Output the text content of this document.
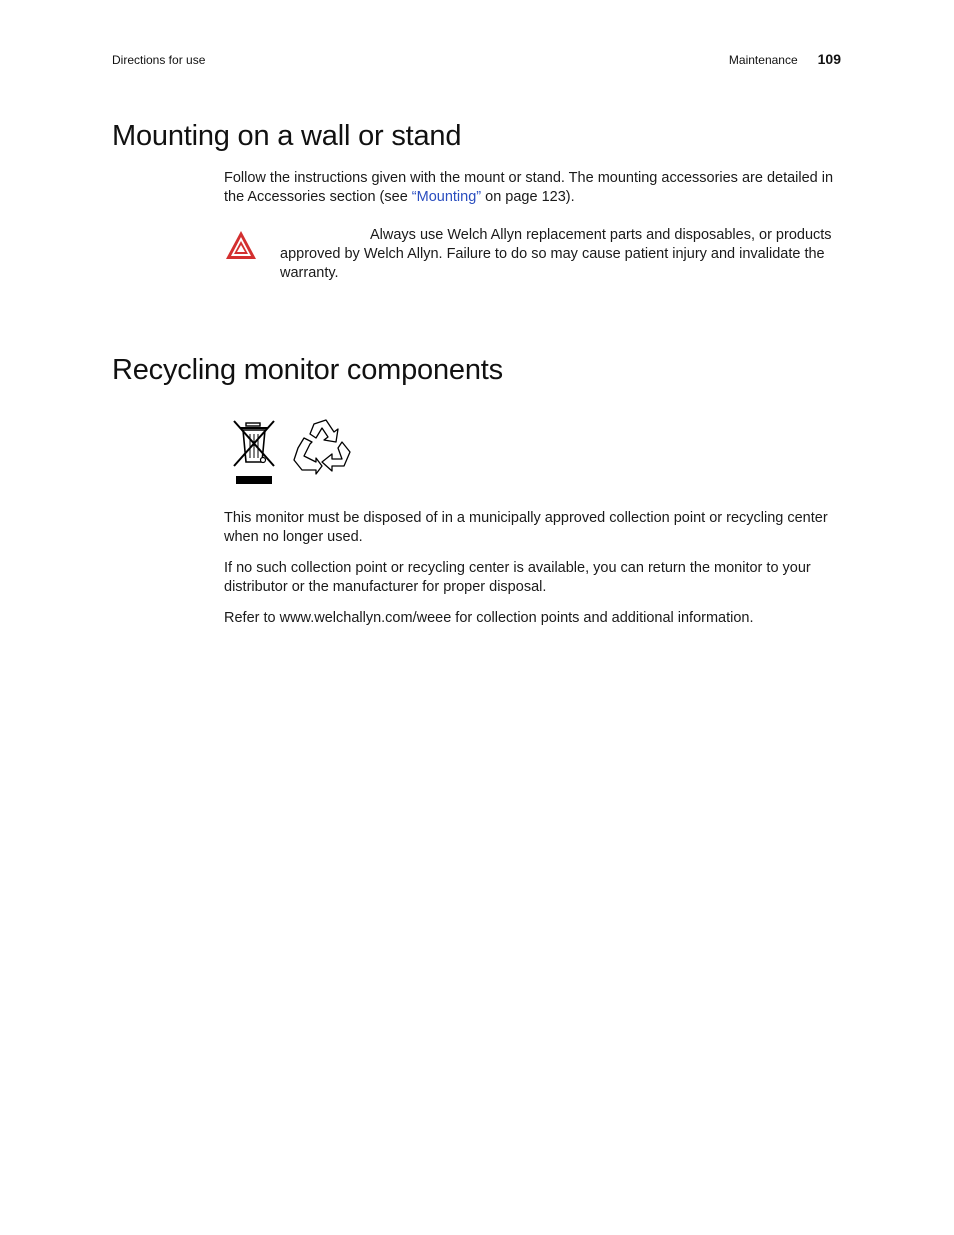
Directions for use	Maintenance 109
Mounting on a wall or stand

Follow the instructions given with the mount or stand. The mounting accessories are detailed in the Accessories section (see “Mounting” on page 123).

Always use Welch Allyn replacement parts and disposables, or products approved by Welch Allyn. Failure to do so may cause patient injury and invalidate the warranty.

Recycling monitor components

This monitor must be disposed of in a municipally approved collection point or recycling center when no longer used.

If no such collection point or recycling center is available, you can return the monitor to your distributor or the manufacturer for proper disposal.

Refer to www.welchallyn.com/weee for collection points and additional information.
